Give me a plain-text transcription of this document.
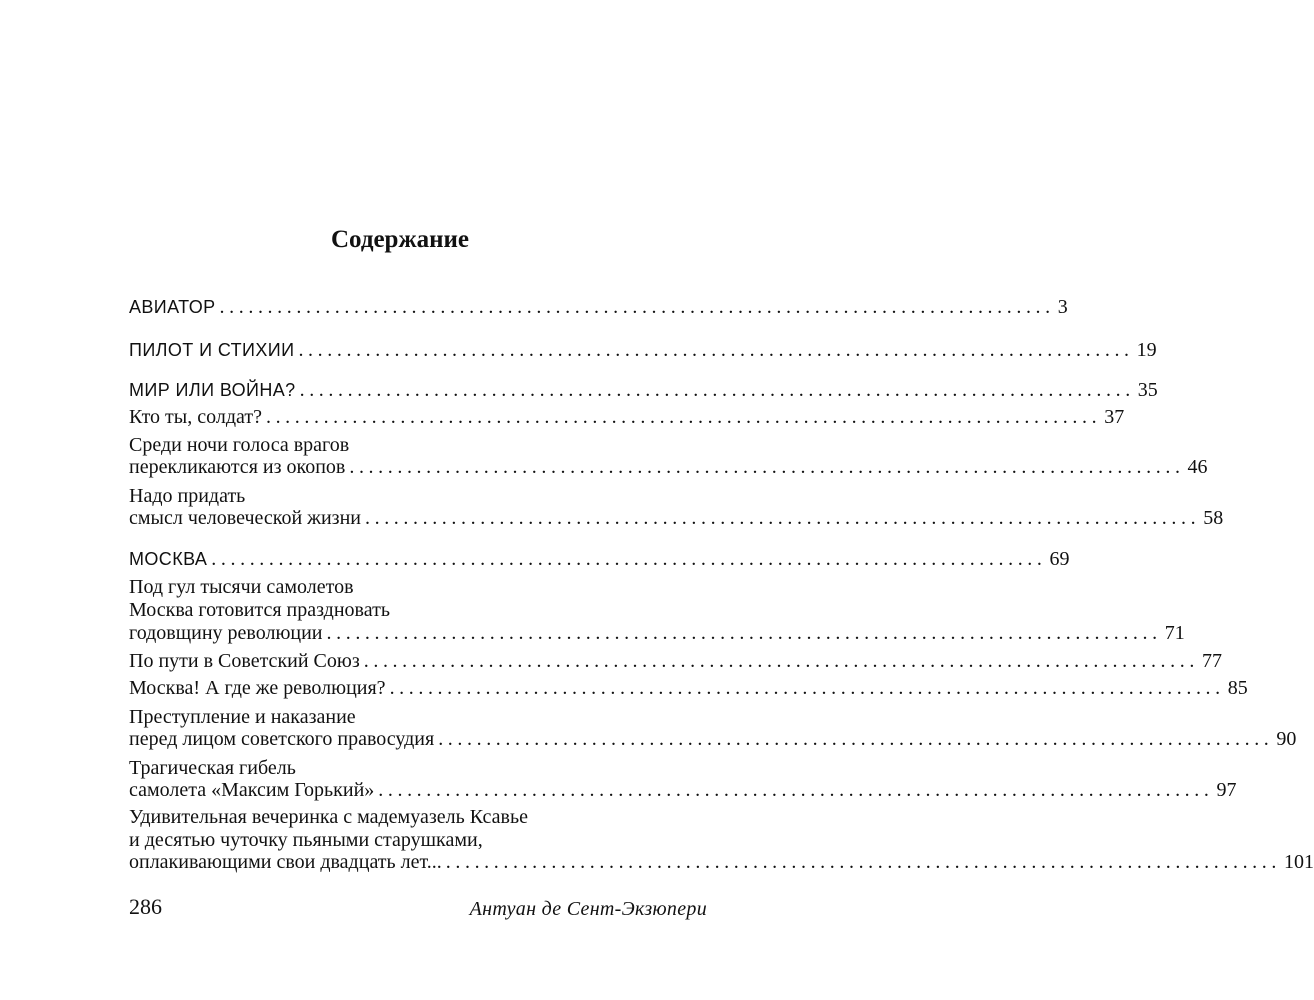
Содержание
АВИАТОР ....................................................................................... 3
ПИЛОТ И СТИХИИ ....................................................................................... 19
МИР ИЛИ ВОЙНА? ....................................................................................... 35
Кто ты, солдат? ....................................................................................... 37
Среди ночи голоса врагов
перекликаются из окопов ....................................................................................... 46
Надо придать
смысл человеческой жизни ....................................................................................... 58
МОСКВА ....................................................................................... 69
Под гул тысячи самолетов
Москва готовится праздновать
годовщину революции ....................................................................................... 71
По пути в Советский Союз ....................................................................................... 77
Москва! А где же революция? ....................................................................................... 85
Преступление и наказание
перед лицом советского правосудия ....................................................................................... 90
Трагическая гибель
самолета «Максим Горький» ....................................................................................... 97
Удивительная вечеринка с мадемуазель Ксавье
и десятью чуточку пьяными старушками,
оплакивающими свои двадцать лет... ....................................................................................... 101
286	Антуан де Сент-Экзюпери
